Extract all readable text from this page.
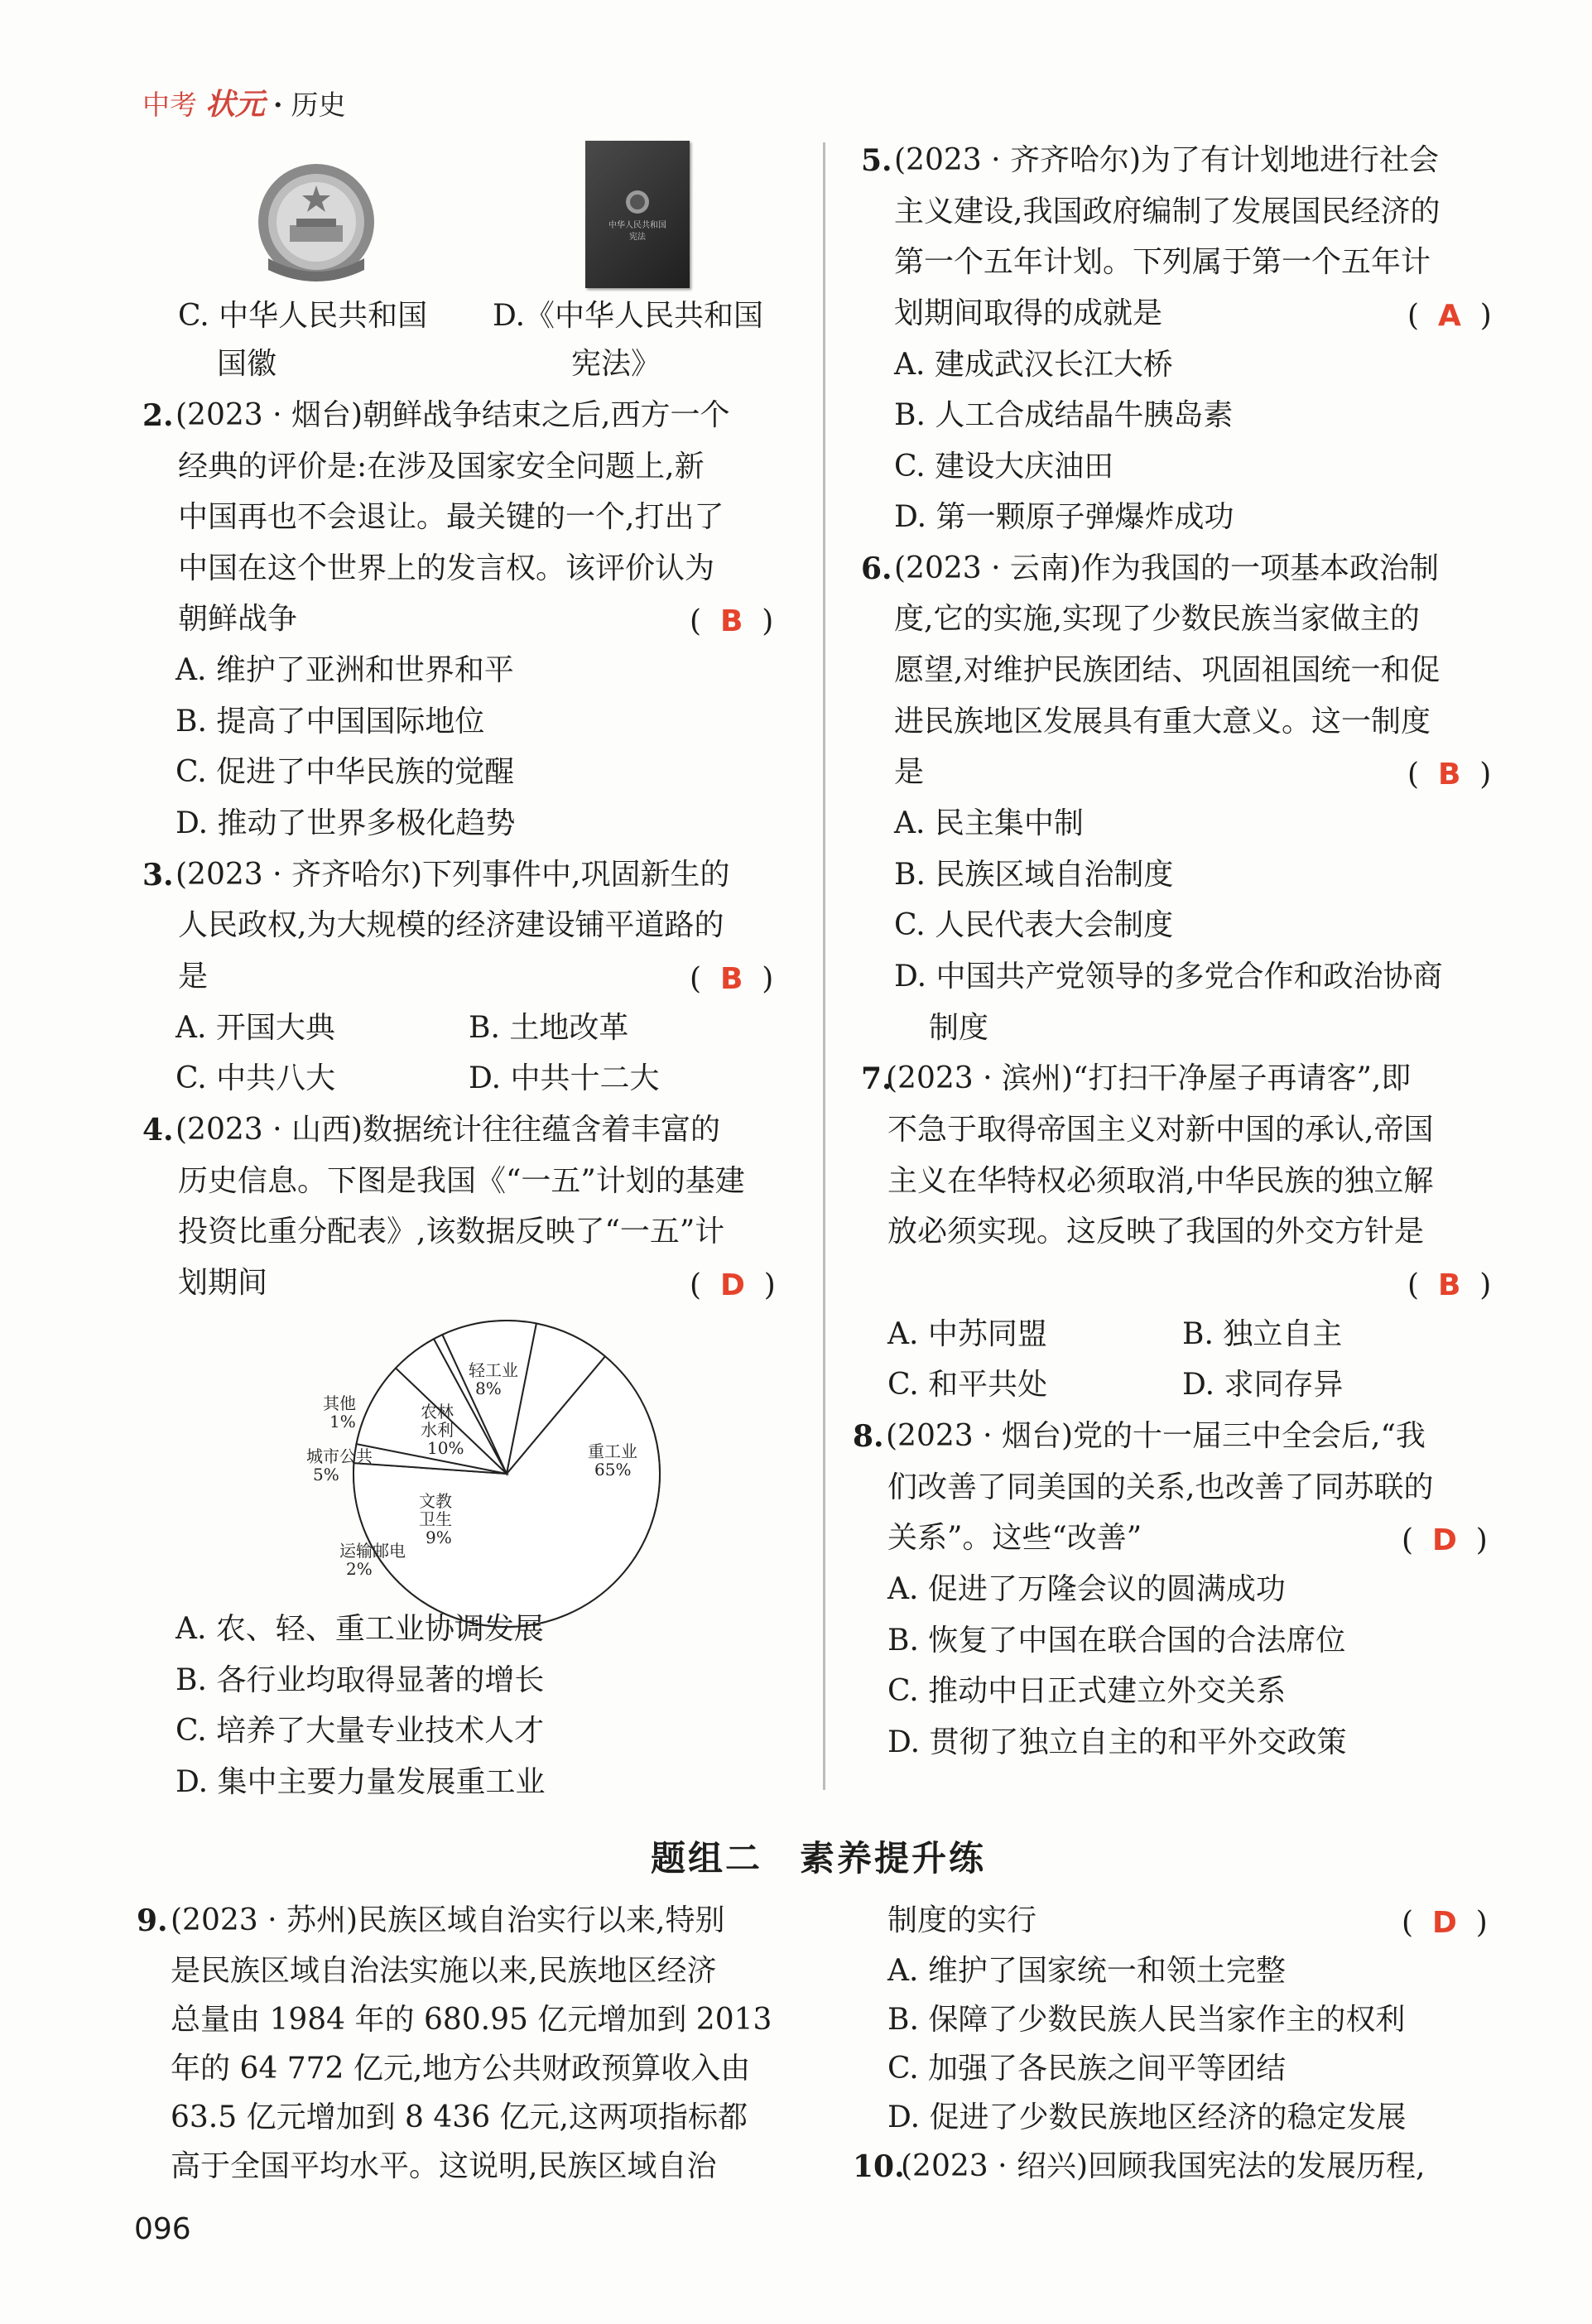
中考 状元 · 历史
中华人民共和国
宪法
C. 中华人民共和国
国徽
D.《中华人民共和国
宪法》
2. (2023 · 烟台)朝鲜战争结束之后,西方一个
经典的评价是:在涉及国家安全问题上,新
中国再也不会退让。最关键的一个,打出了
中国在这个世界上的发言权。该评价认为
朝鲜战争	(  B  )
A. 维护了亚洲和世界和平
B. 提高了中国国际地位
C. 促进了中华民族的觉醒
D. 推动了世界多极化趋势
3. (2023 · 齐齐哈尔)下列事件中,巩固新生的
人民政权,为大规模的经济建设铺平道路的
是	(  B  )
A. 开国大典	B. 土地改革
C. 中共八大	D. 中共十二大
4. (2023 · 山西)数据统计往往蕴含着丰富的
历史信息。下图是我国《“一五”计划的基建
投资比重分配表》,该数据反映了“一五”计
划期间	(  D  )
重工业
65%
运输邮电
2%
文教
卫生
9%
城市公共
5%
其他
1%	农林
水利
10%
轻工业
8%
A. 农、轻、重工业协调发展
B. 各行业均取得显著的增长
C. 培养了大量专业技术人才
D. 集中主要力量发展重工业
5. (2023 · 齐齐哈尔)为了有计划地进行社会
主义建设,我国政府编制了发展国民经济的
第一个五年计划。下列属于第一个五年计
划期间取得的成就是	(  A  )
A. 建成武汉长江大桥
B. 人工合成结晶牛胰岛素
C. 建设大庆油田
D. 第一颗原子弹爆炸成功
6. (2023 · 云南)作为我国的一项基本政治制
度,它的实施,实现了少数民族当家做主的
愿望,对维护民族团结、巩固祖国统一和促
进民族地区发展具有重大意义。这一制度
是	(  B  )
A. 民主集中制
B. 民族区域自治制度
C. 人民代表大会制度
D. 中国共产党领导的多党合作和政治协商
制度
7.
(2023 · 滨州)“打扫干净屋子再请客”,即
不急于取得帝国主义对新中国的承认,帝国
主义在华特权必须取消,中华民族的独立解
放必须实现。这反映了我国的外交方针是
(  B  )
A. 中苏同盟	B. 独立自主
C. 和平共处	D. 求同存异
8. (2023 · 烟台)党的十一届三中全会后,“我
们改善了同美国的关系,也改善了同苏联的
关系”。这些“改善”	(  D  )
A. 促进了万隆会议的圆满成功
B. 恢复了中国在联合国的合法席位
C. 推动中日正式建立外交关系
D. 贯彻了独立自主的和平外交政策
题组二　素养提升练
9. (2023 · 苏州)民族区域自治实行以来,特别
是民族区域自治法实施以来,民族地区经济
总量由 1984 年的 680.95 亿元增加到 2013
年的 64 772 亿元,地方公共财政预算收入由
63.5 亿元增加到 8 436 亿元,这两项指标都
高于全国平均水平。这说明,民族区域自治
制度的实行	(  D  )
A. 维护了国家统一和领土完整
B. 保障了少数民族人民当家作主的权利
C. 加强了各民族之间平等团结
D. 促进了少数民族地区经济的稳定发展
10.
(2023 · 绍兴)回顾我国宪法的发展历程,
096
